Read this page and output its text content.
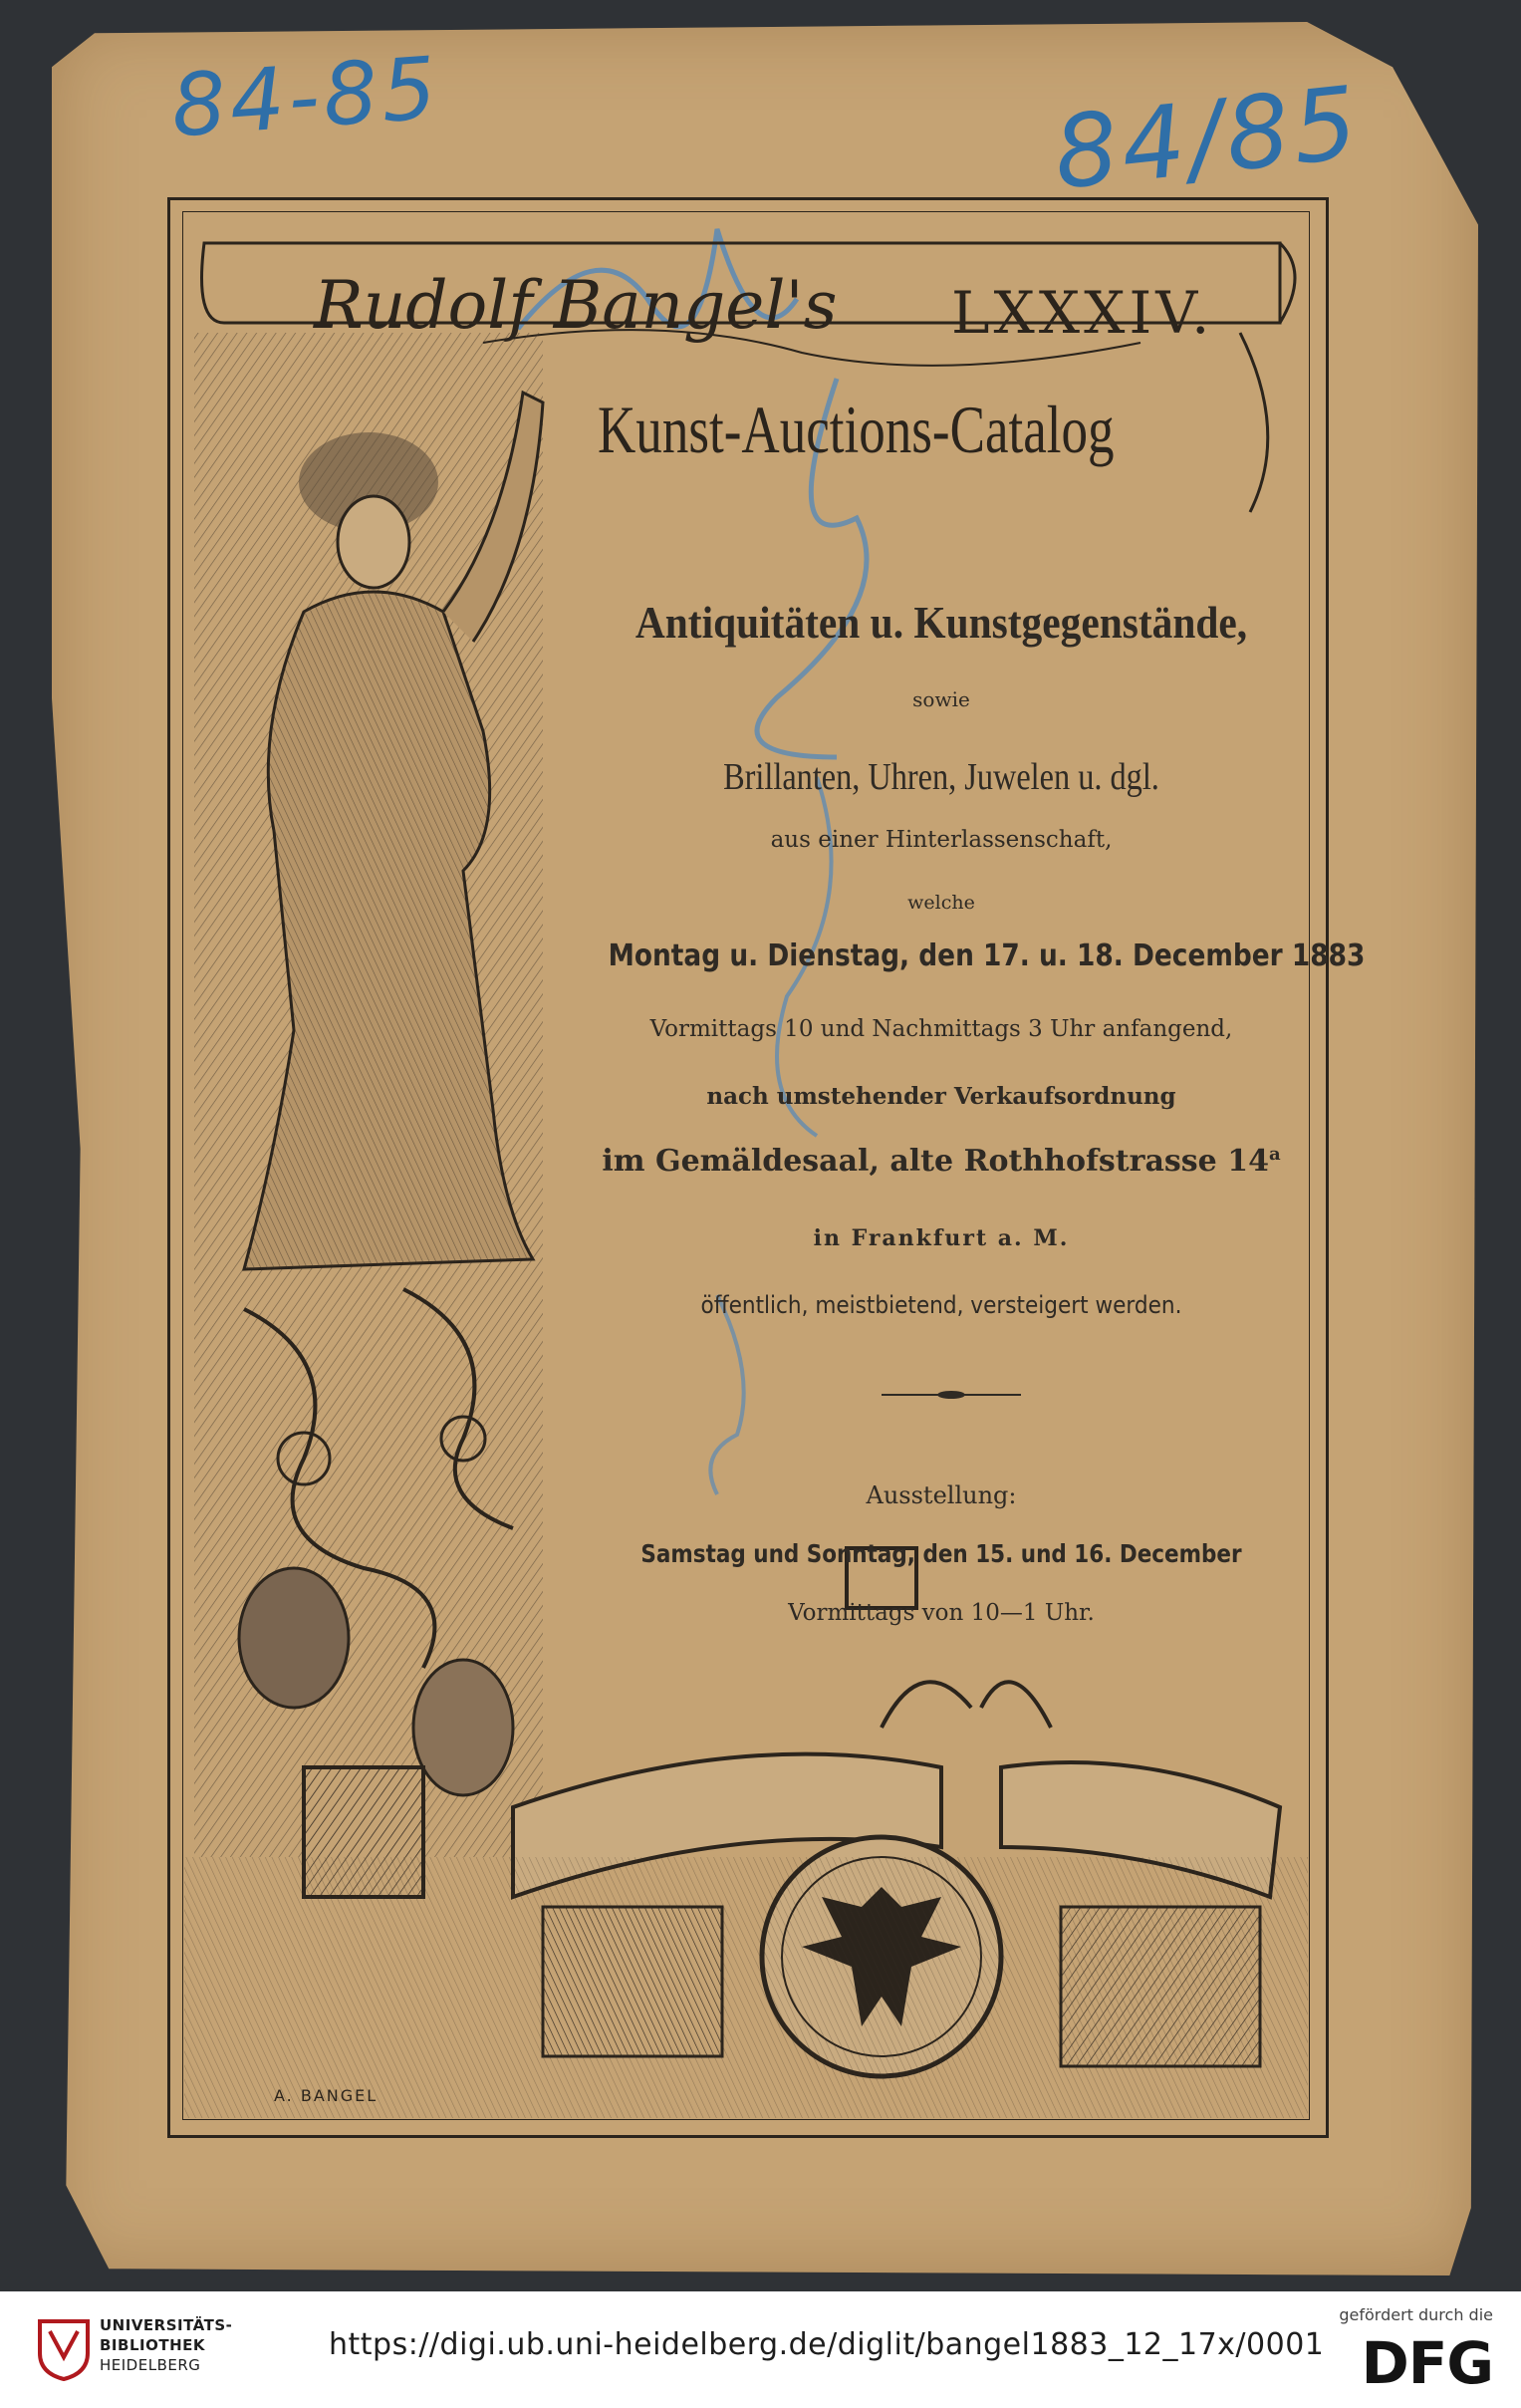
84-85	84/85
A. BANGEL
Rudolf Bangel's LXXXIV.
Kunst-Auctions-Catalog
Antiquitäten u. Kunstgegenstände,
sowie
Brillanten, Uhren, Juwelen u. dgl.
aus einer Hinterlassenschaft,
welche
Montag u. Dienstag, den 17. u. 18. December 1883
Vormittags 10 und Nachmittags 3 Uhr anfangend,
nach umstehender Verkaufsordnung
im Gemäldesaal, alte Rothhofstrasse 14$^a$
in Frankfurt a. M.
öffentlich, meistbietend, versteigert werden.
Ausstellung:
Samstag und Sonntag, den 15. und 16. December
Vormittags von 10—1 Uhr.
UNIVERSITÄTS-
BIBLIOTHEK
HEIDELBERG
https://digi.ub.uni-heidelberg.de/diglit/bangel1883_12_17x/0001
gefördert durch die
DFG
